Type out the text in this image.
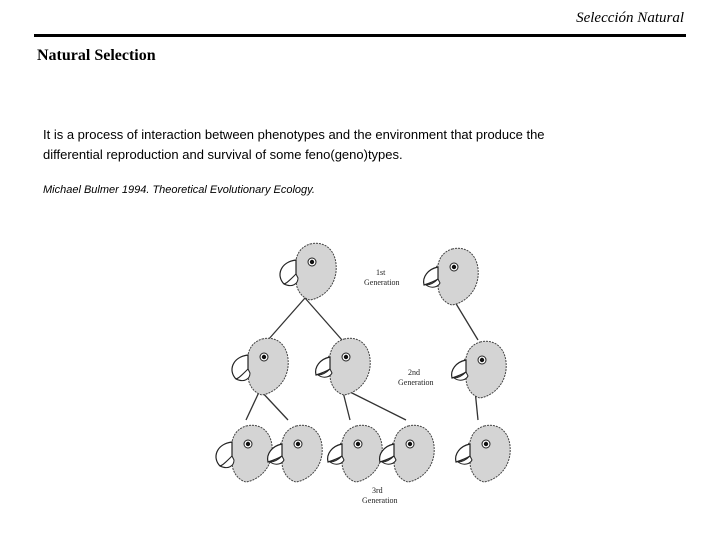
Selección Natural
Natural Selection
It is a process of interaction between phenotypes and the environment that produce the
differential reproduction and survival of some feno(geno)types.
Michael Bulmer 1994. Theoretical Evolutionary Ecology.
1st
Generation
2nd
Generation
3rd
Generation
